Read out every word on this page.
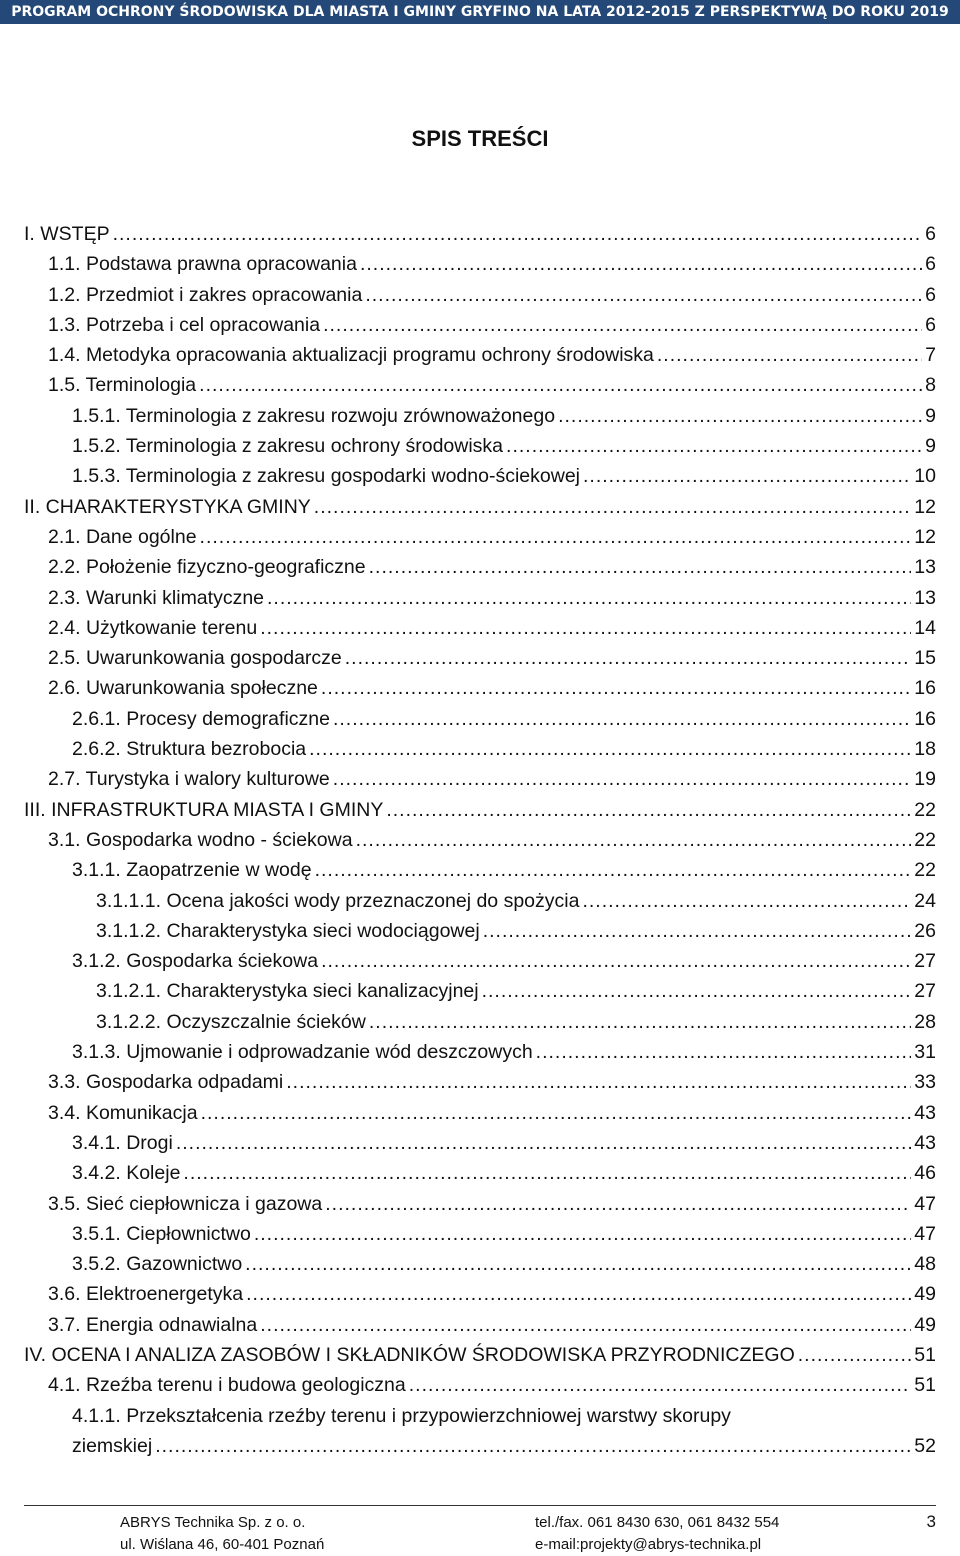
PROGRAM OCHRONY ŚRODOWISKA DLA MIASTA I GMINY GRYFINO NA LATA 2012-2015 Z PERSPEKTYWĄ DO ROKU 2019
SPIS TREŚCI
I. WSTĘP .....	6
1.1. Podstawa prawna opracowania .....	6
1.2. Przedmiot i zakres opracowania .....	6
1.3. Potrzeba i cel opracowania .....	6
1.4. Metodyka opracowania aktualizacji programu ochrony środowiska .....	7
1.5. Terminologia .....	8
1.5.1. Terminologia z zakresu rozwoju zrównoważonego .....	9
1.5.2. Terminologia z zakresu ochrony środowiska .....	9
1.5.3. Terminologia z zakresu gospodarki wodno-ściekowej .....	10
II. CHARAKTERYSTYKA GMINY .....	12
2.1. Dane ogólne .....	12
2.2. Położenie fizyczno-geograficzne .....	13
2.3. Warunki klimatyczne .....	13
2.4. Użytkowanie terenu .....	14
2.5. Uwarunkowania gospodarcze .....	15
2.6. Uwarunkowania społeczne .....	16
2.6.1. Procesy demograficzne .....	16
2.6.2. Struktura bezrobocia .....	18
2.7. Turystyka i walory kulturowe .....	19
III. INFRASTRUKTURA MIASTA I GMINY .....	22
3.1. Gospodarka wodno - ściekowa .....	22
3.1.1. Zaopatrzenie w wodę .....	22
3.1.1.1. Ocena jakości wody przeznaczonej do spożycia .....	24
3.1.1.2. Charakterystyka sieci wodociągowej .....	26
3.1.2. Gospodarka ściekowa .....	27
3.1.2.1. Charakterystyka sieci kanalizacyjnej .....	27
3.1.2.2. Oczyszczalnie ścieków .....	28
3.1.3. Ujmowanie i odprowadzanie wód deszczowych .....	31
3.3. Gospodarka odpadami .....	33
3.4. Komunikacja .....	43
3.4.1. Drogi .....	43
3.4.2. Koleje .....	46
3.5. Sieć ciepłownicza i gazowa .....	47
3.5.1. Ciepłownictwo .....	47
3.5.2. Gazownictwo .....	48
3.6. Elektroenergetyka .....	49
3.7. Energia odnawialna .....	49
IV. OCENA I ANALIZA ZASOBÓW I SKŁADNIKÓW ŚRODOWISKA PRZYRODNICZEGO .....	51
4.1. Rzeźba terenu i budowa geologiczna .....	51
4.1.1. Przekształcenia rzeźby terenu i przypowierzchniowej warstwy skorupy
ziemskiej .....	52
ABRYS Technika Sp. z o. o.
ul. Wiślana 46, 60-401 Poznań
tel./fax. 061 8430 630, 061 8432 554
e-mail:projekty@abrys-technika.pl
3
